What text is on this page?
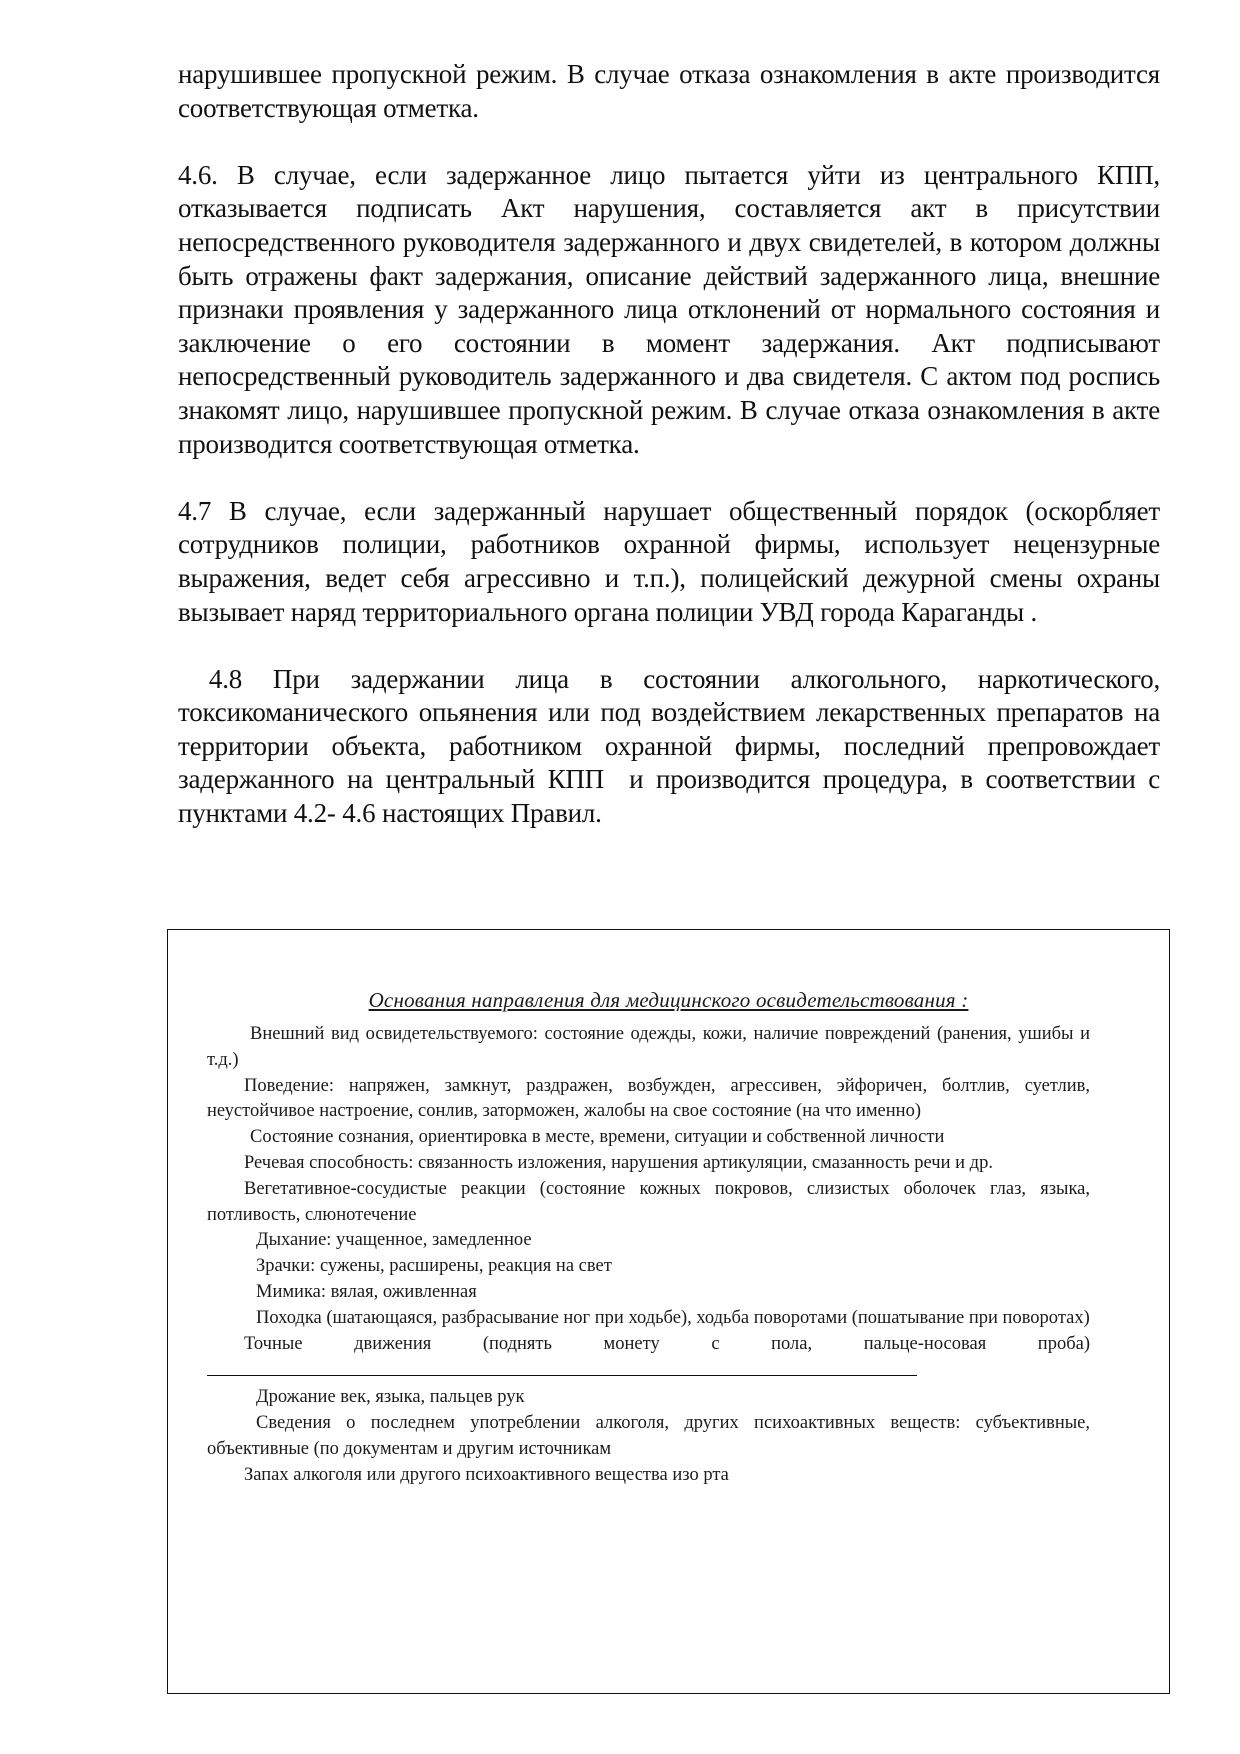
нарушившее пропускной режим. В случае отказа ознакомления в акте производится соответствующая отметка.

4.6. В случае, если задержанное лицо пытается уйти из центрального КПП, отказывается подписать Акт нарушения, составляется акт в присутствии непосредственного руководителя задержанного и двух свидетелей, в котором должны быть отражены факт задержания, описание действий задержанного лица, внешние признаки проявления у задержанного лица отклонений от нормального состояния и заключение о его состоянии в момент задержания. Акт подписывают непосредственный руководитель задержанного и два свидетеля. С актом под роспись знакомят лицо, нарушившее пропускной режим. В случае отказа ознакомления в акте производится соответствующая отметка.

4.7 В случае, если задержанный нарушает общественный порядок (оскорбляет сотрудников полиции, работников охранной фирмы, использует нецензурные выражения, ведет себя агрессивно и т.п.), полицейский дежурной смены охраны вызывает наряд территориального органа полиции УВД города Караганды .

4.8 При задержании лица в состоянии алкогольного, наркотического, токсикоманического опьянения или под воздействием лекарственных препаратов на территории объекта, работником охранной фирмы, последний препровождает задержанного на центральный КПП  и производится процедура, в соответствии с пунктами 4.2- 4.6 настоящих Правил.

Основания направления для медицинского освидетельствования :

Внешний вид освидетельствуемого: состояние одежды, кожи, наличие повреждений (ранения, ушибы и т.д.)

Поведение: напряжен, замкнут, раздражен, возбужден, агрессивен, эйфоричен, болтлив, суетлив, неустойчивое настроение, сонлив, заторможен, жалобы на свое состояние (на что именно)

Состояние сознания, ориентировка в месте, времени, ситуации и собственной личности

Речевая способность: связанность изложения, нарушения артикуляции, смазанность речи и др.

Вегетативное-сосудистые реакции (состояние кожных покровов, слизистых оболочек глаз, языка, потливость, слюнотечение

Дыхание: учащенное, замедленное

Зрачки: сужены, расширены, реакция на свет

Мимика: вялая, оживленная

Походка (шатающаяся, разбрасывание ног при ходьбе), ходьба поворотами (пошатывание при поворотах)

Точные движения (поднять монету с пола, пальце-носовая проба)

Дрожание век, языка, пальцев рук

Сведения о последнем употреблении алкоголя, других психоактивных веществ: субъективные, объективные (по документам и другим источникам

Запах алкоголя или другого психоактивного вещества изо рта
